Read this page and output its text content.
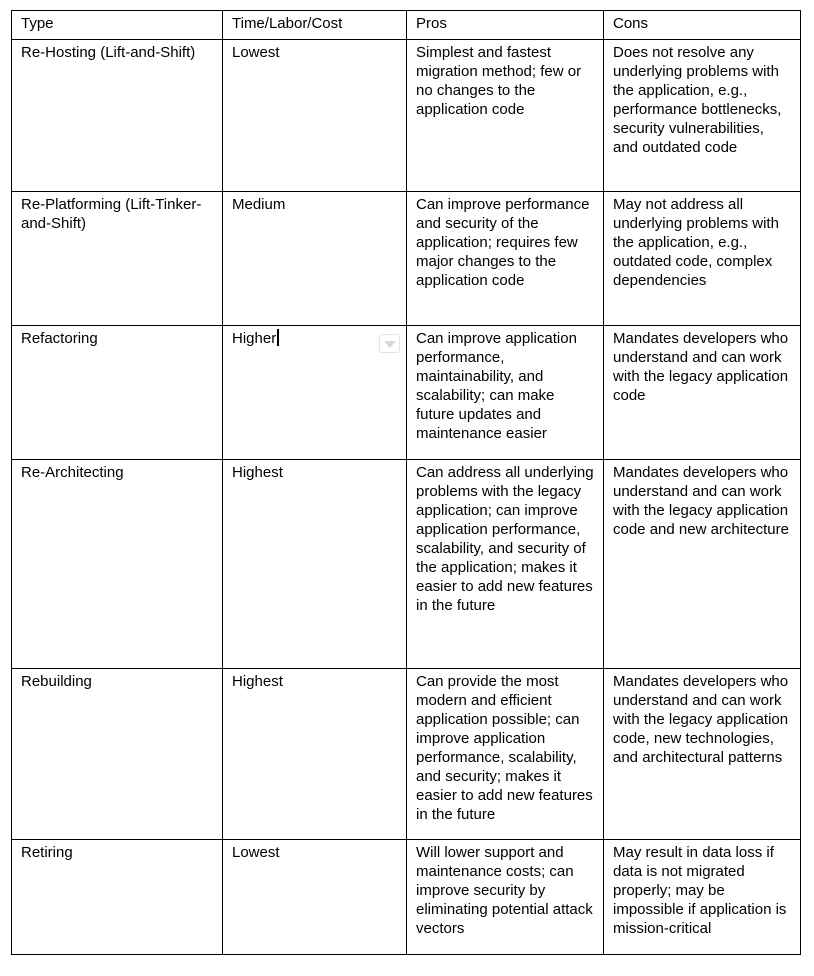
Type	Time/Labor/Cost	Pros	Cons
Re-Hosting (Lift-and-Shift)	Lowest	Simplest and fastest migration method; few or no changes to the application code	Does not resolve any underlying problems with the application, e.g., performance bottlenecks, security vulnerabilities, and outdated code
Re-Platforming (Lift-Tinker-and-Shift)	Medium	Can improve performance and security of the application; requires few major changes to the application code	May not address all underlying problems with the application, e.g., outdated code, complex dependencies
Refactoring	Higher	Can improve application performance, maintainability, and scalability; can make future updates and maintenance easier	Mandates developers who understand and can work with the legacy application code
Re-Architecting	Highest	Can address all underlying problems with the legacy application; can improve application performance, scalability, and security of the application; makes it easier to add new features in the future	Mandates developers who understand and can work with the legacy application code and new architecture
Rebuilding	Highest	Can provide the most modern and efficient application possible; can improve application performance, scalability, and security; makes it easier to add new features in the future	Mandates developers who understand and can work with the legacy application code, new technologies, and architectural patterns
Retiring	Lowest	Will lower support and maintenance costs; can improve security by eliminating potential attack vectors	May result in data loss if data is not migrated properly; may be impossible if application is mission-critical
